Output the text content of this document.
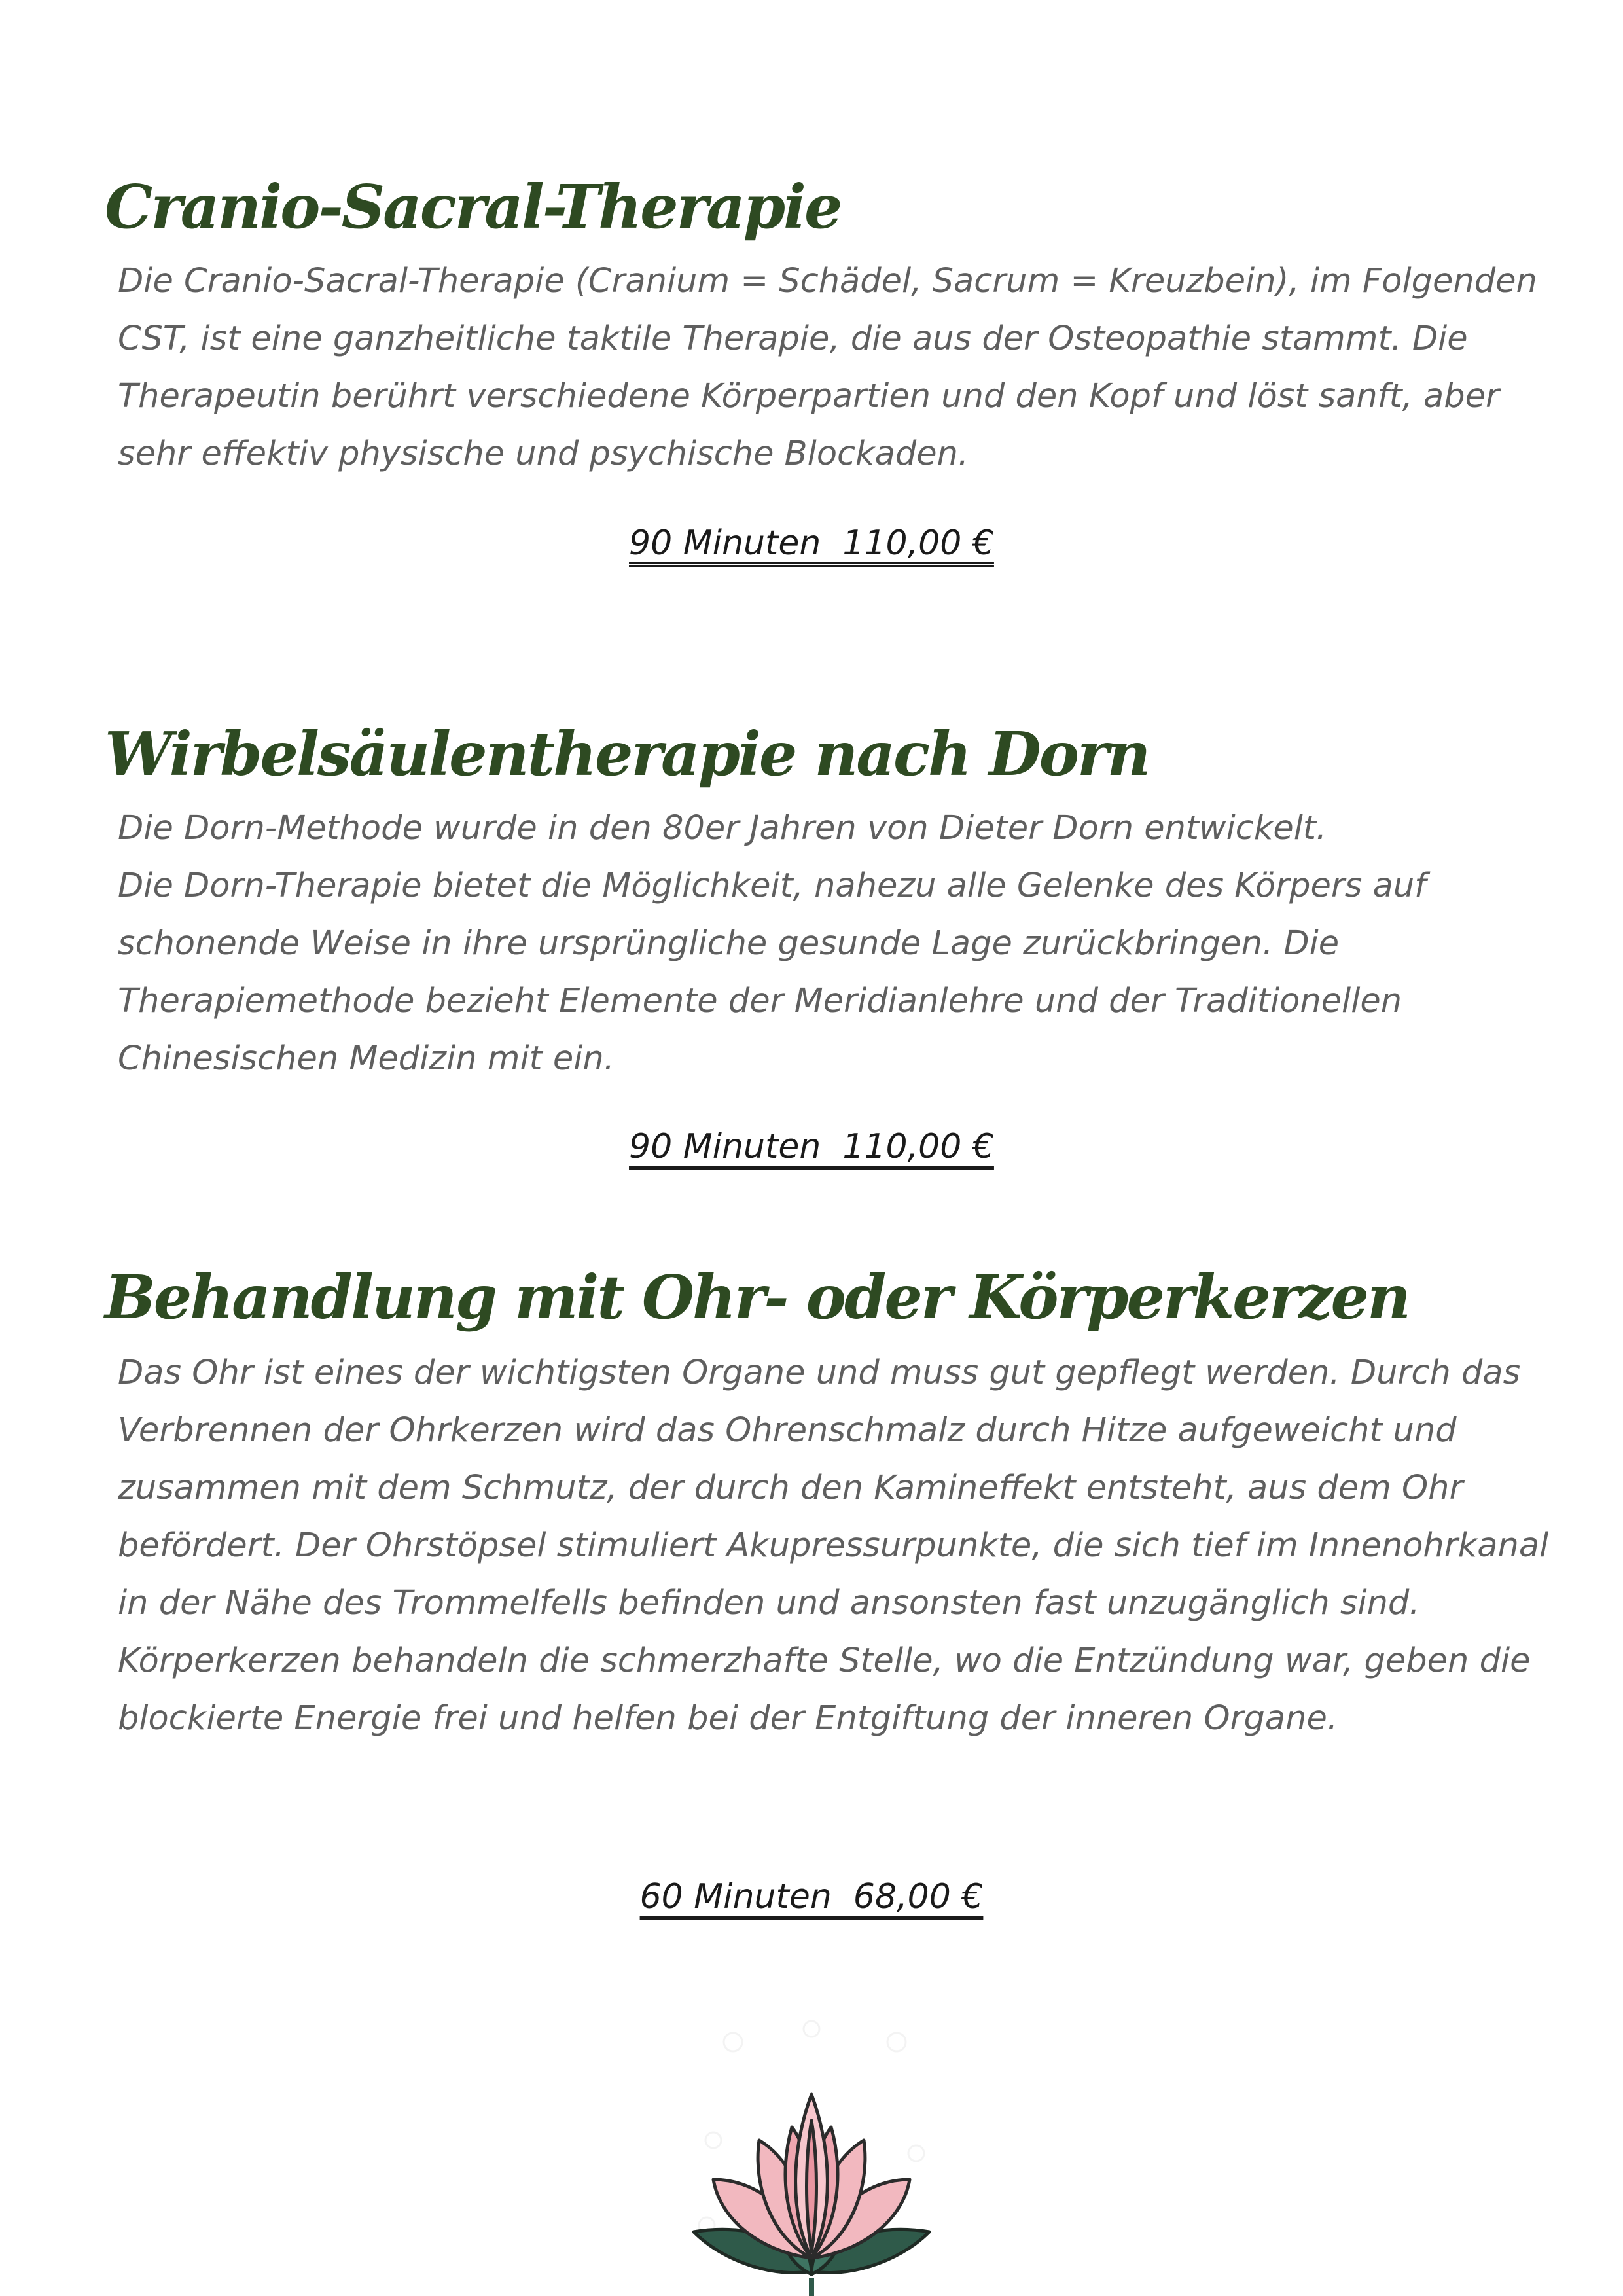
Cranio-Sacral-Therapie

Die Cranio-Sacral-Therapie (Cranium = Schädel, Sacrum = Kreuzbein), im Folgenden CST, ist eine ganzheitliche taktile Therapie, die aus der Osteopathie stammt. Die Therapeutin berührt verschiedene Körperpartien und den Kopf und löst sanft, aber sehr effektiv physische und psychische Blockaden.

90 Minuten  110,00 €
Wirbelsäulentherapie nach Dorn

Die Dorn-Methode wurde in den 80er Jahren von Dieter Dorn entwickelt.

Die Dorn-Therapie bietet die Möglichkeit, nahezu alle Gelenke des Körpers auf schonende Weise in ihre ursprüngliche gesunde Lage zurückbringen. Die Therapiemethode bezieht Elemente der Meridianlehre und der Traditionellen Chinesischen Medizin mit ein.

90 Minuten  110,00 €
Behandlung mit Ohr- oder Körperkerzen

Das Ohr ist eines der wichtigsten Organe und muss gut gepflegt werden. Durch das Verbrennen der Ohrkerzen wird das Ohrenschmalz durch Hitze aufgeweicht und zusammen mit dem Schmutz, der durch den Kamineffekt entsteht, aus dem Ohr befördert. Der Ohrstöpsel stimuliert Akupressurpunkte, die sich tief im Innenohrkanal in der Nähe des Trommelfells befinden und ansonsten fast unzugänglich sind.

Körperkerzen behandeln die schmerzhafte Stelle, wo die Entzündung war, geben die blockierte Energie frei und helfen bei der Entgiftung der inneren Organe.

60 Minuten  68,00 €
